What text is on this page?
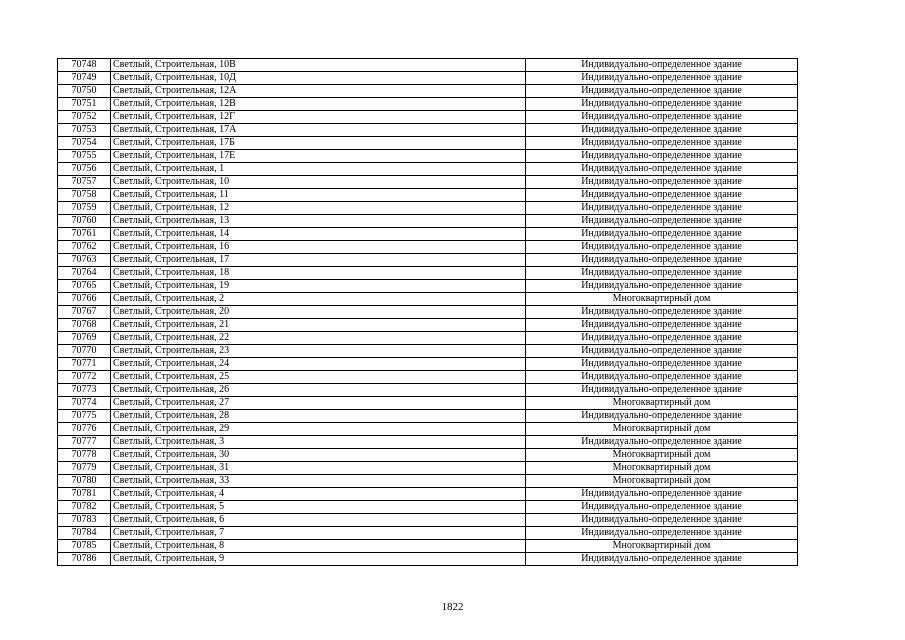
70748	Светлый, Строительная, 10В	Индивидуально-определенное здание
70749	Светлый, Строительная, 10Д	Индивидуально-определенное здание
70750	Светлый, Строительная, 12А	Индивидуально-определенное здание
70751	Светлый, Строительная, 12В	Индивидуально-определенное здание
70752	Светлый, Строительная, 12Г	Индивидуально-определенное здание
70753	Светлый, Строительная, 17А	Индивидуально-определенное здание
70754	Светлый, Строительная, 17Б	Индивидуально-определенное здание
70755	Светлый, Строительная, 17Е	Индивидуально-определенное здание
70756	Светлый, Строительная, 1	Индивидуально-определенное здание
70757	Светлый, Строительная, 10	Индивидуально-определенное здание
70758	Светлый, Строительная, 11	Индивидуально-определенное здание
70759	Светлый, Строительная, 12	Индивидуально-определенное здание
70760	Светлый, Строительная, 13	Индивидуально-определенное здание
70761	Светлый, Строительная, 14	Индивидуально-определенное здание
70762	Светлый, Строительная, 16	Индивидуально-определенное здание
70763	Светлый, Строительная, 17	Индивидуально-определенное здание
70764	Светлый, Строительная, 18	Индивидуально-определенное здание
70765	Светлый, Строительная, 19	Индивидуально-определенное здание
70766	Светлый, Строительная, 2	Многоквартирный дом
70767	Светлый, Строительная, 20	Индивидуально-определенное здание
70768	Светлый, Строительная, 21	Индивидуально-определенное здание
70769	Светлый, Строительная, 22	Индивидуально-определенное здание
70770	Светлый, Строительная, 23	Индивидуально-определенное здание
70771	Светлый, Строительная, 24	Индивидуально-определенное здание
70772	Светлый, Строительная, 25	Индивидуально-определенное здание
70773	Светлый, Строительная, 26	Индивидуально-определенное здание
70774	Светлый, Строительная, 27	Многоквартирный дом
70775	Светлый, Строительная, 28	Индивидуально-определенное здание
70776	Светлый, Строительная, 29	Многоквартирный дом
70777	Светлый, Строительная, 3	Индивидуально-определенное здание
70778	Светлый, Строительная, 30	Многоквартирный дом
70779	Светлый, Строительная, 31	Многоквартирный дом
70780	Светлый, Строительная, 33	Многоквартирный дом
70781	Светлый, Строительная, 4	Индивидуально-определенное здание
70782	Светлый, Строительная, 5	Индивидуально-определенное здание
70783	Светлый, Строительная, 6	Индивидуально-определенное здание
70784	Светлый, Строительная, 7	Индивидуально-определенное здание
70785	Светлый, Строительная, 8	Многоквартирный дом
70786	Светлый, Строительная, 9	Индивидуально-определенное здание
1822
